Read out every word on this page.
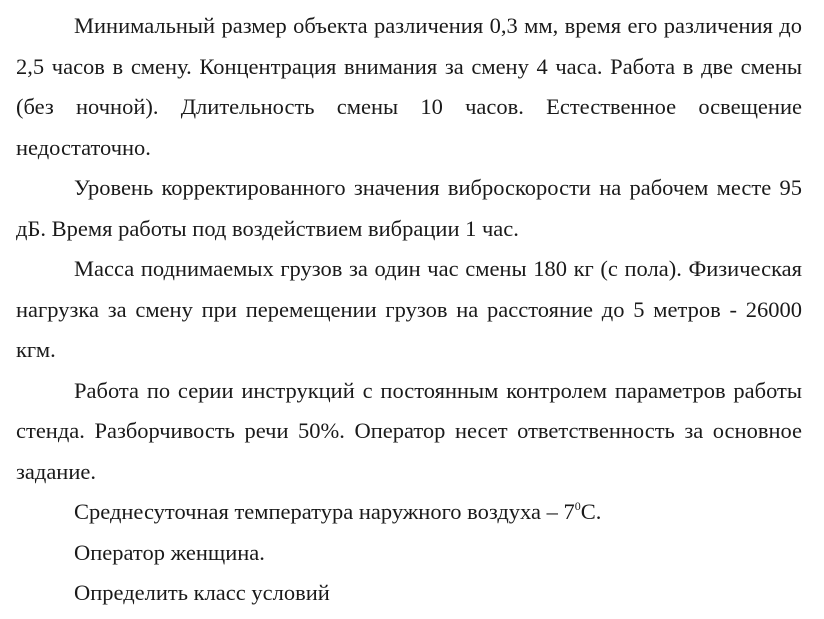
Минимальный размер объекта различения 0,3 мм, время его различения до 2,5 часов в смену. Концентрация внимания за смену 4 часа. Работа в две смены (без ночной). Длительность смены 10 часов. Естественное освещение недостаточно.

Уровень корректированного значения виброскорости на рабочем месте 95 дБ. Время работы под воздействием вибрации 1 час.

Масса поднимаемых грузов за один час смены 180 кг (с пола). Физическая нагрузка за смену при перемещении грузов на расстояние до 5 метров - 26000 кгм.

Работа по серии инструкций с постоянным контролем параметров работы стенда. Разборчивость речи 50%. Оператор несет ответственность за основное задание.

Среднесуточная температура наружного воздуха – $7^0С$.

Оператор женщина.

Определить класс условий
